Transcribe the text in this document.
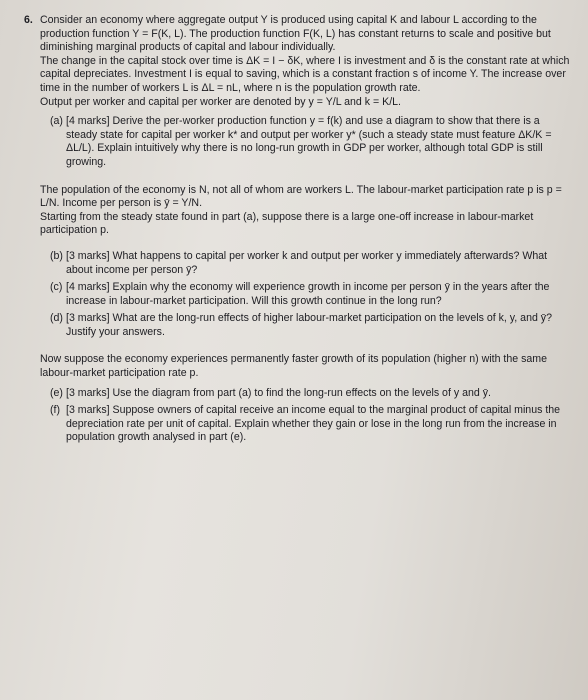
6. Consider an economy where aggregate output Y is produced using capital K and labour L according to the production function Y = F(K, L). The production function F(K, L) has constant returns to scale and positive but diminishing marginal products of capital and labour individually.

The change in the capital stock over time is ΔK = I − δK, where I is investment and δ is the constant rate at which capital depreciates. Investment I is equal to saving, which is a constant fraction s of income Y. The increase over time in the number of workers L is ΔL = nL, where n is the population growth rate.

Output per worker and capital per worker are denoted by y = Y/L and k = K/L.

(a) [4 marks] Derive the per-worker production function y = f(k) and use a diagram to show that there is a steady state for capital per worker k* and output per worker y* (such a steady state must feature ΔK/K = ΔL/L). Explain intuitively why there is no long-run growth in GDP per worker, although total GDP is still growing.

The population of the economy is N, not all of whom are workers L. The labour-market participation rate p is p = L/N. Income per person is ȳ = Y/N.

Starting from the steady state found in part (a), suppose there is a large one-off increase in labour-market participation p.

(b) [3 marks] What happens to capital per worker k and output per worker y immediately afterwards? What about income per person ȳ?

(c) [4 marks] Explain why the economy will experience growth in income per person ȳ in the years after the increase in labour-market participation. Will this growth continue in the long run?

(d) [3 marks] What are the long-run effects of higher labour-market participation on the levels of k, y, and ȳ? Justify your answers.

Now suppose the economy experiences permanently faster growth of its population (higher n) with the same labour-market participation rate p.

(e) [3 marks] Use the diagram from part (a) to find the long-run effects on the levels of y and ȳ.

(f) [3 marks] Suppose owners of capital receive an income equal to the marginal product of capital minus the depreciation rate per unit of capital. Explain whether they gain or lose in the long run from the increase in population growth analysed in part (e).
